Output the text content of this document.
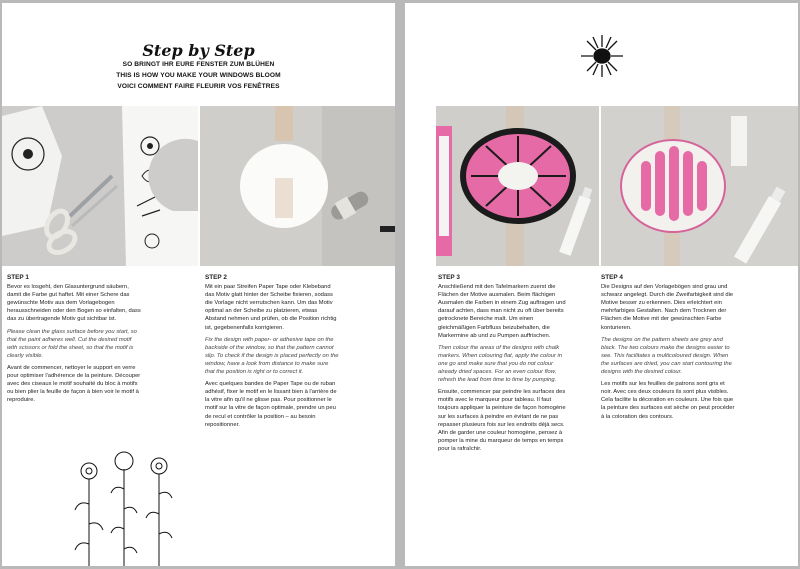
Step by Step
SO BRINGT IHR EURE FENSTER ZUM BLÜHEN
THIS IS HOW YOU MAKE YOUR WINDOWS BLOOM
VOICI COMMENT FAIRE FLEURIR VOS FENÊTRES
STEP 1

Bevor es losgeht, den Glasuntergrund säubern, damit die Farbe gut haftet. Mit einer Schere das gewünschte Motiv aus dem Vorlagebogen herausschneiden oder den Bogen so einfalten, dass das zu übertragende Motiv gut sichtbar ist.

Please clean the glass surface before you start, so that the paint adheres well. Cut the desired motif with scissors or fold the sheet, so that the motif is clearly visible.

Avant de commencer, nettoyer le support en verre pour optimiser l'adhérence de la peinture. Découper avec des ciseaux le motif souhaité du bloc à motifs ou bien plier la feuille de façon à bien voir le motif à reproduire.

STEP 2

Mit ein paar Streifen Paper Tape oder Klebeband das Motiv glatt hinter der Scheibe fixieren, sodass die Vorlage nicht verrutschen kann. Um das Motiv optimal an der Scheibe zu platzieren, etwas Abstand nehmen und prüfen, ob die Position richtig ist, gegebenenfalls korrigieren.

Fix the design with paper- or adhesive tape on the backside of the window, so that the pattern cannot slip. To check if the design is placed perfectly on the window, have a look from distance to make sure that the position is right or to correct it.

Avec quelques bandes de Paper Tape ou de ruban adhésif, fixer le motif en le lissant bien à l'arrière de la vitre afin qu'il ne glisse pas. Pour positionner le motif sur la vitre de façon optimale, prendre un peu de recul et contrôler la position – au besoin repositionner.

STEP 3

Anschließend mit den Tafelmarkern zuerst die Flächen der Motive ausmalen. Beim flächigen Ausmalen die Farben in einem Zug auftragen und darauf achten, dass man nicht zu oft über bereits getrocknete Bereiche malt. Um einen gleichmäßigen Farbfluss beizubehalten, die Markermine ab und zu Pumpen auffrischen.

Then colour the areas of the designs with chalk markers. When colouring flat, apply the colour in one go and make sure that you do not colour already dried spaces. For an even colour flow, refresh the lead from time to time by pumping.

Ensuite, commencer par peindre les surfaces des motifs avec le marqueur pour tableau. Il faut toujours appliquer la peinture de façon homogène sur les surfaces à peindre en évitant de ne pas repasser plusieurs fois sur les endroits déjà secs. Afin de garder une couleur homogène, pensez à pomper la mine du marqueur de temps en temps pour la rafraîchir.

STEP 4

Die Designs auf den Vorlagebögen sind grau und schwarz angelegt. Durch die Zweifarbigkeit sind die Motive besser zu erkennen. Dies erleichtert ein mehrfarbiges Gestalten. Nach dem Trocknen der Flächen die Motive mit der gewünschten Farbe konturieren.

The designs on the pattern sheets are grey and black. The two colours make the designs easier to see. This facilitates a multicoloured design. When the surfaces are dried, you can start contouring the designs with the desired colour.

Les motifs sur les feuilles de patrons sont gris et noir. Avec ces deux couleurs ils sont plus visibles. Cela facilite la décoration en couleurs. Une fois que la peinture des surfaces est sèche on peut procéder à la coloration des contours.
